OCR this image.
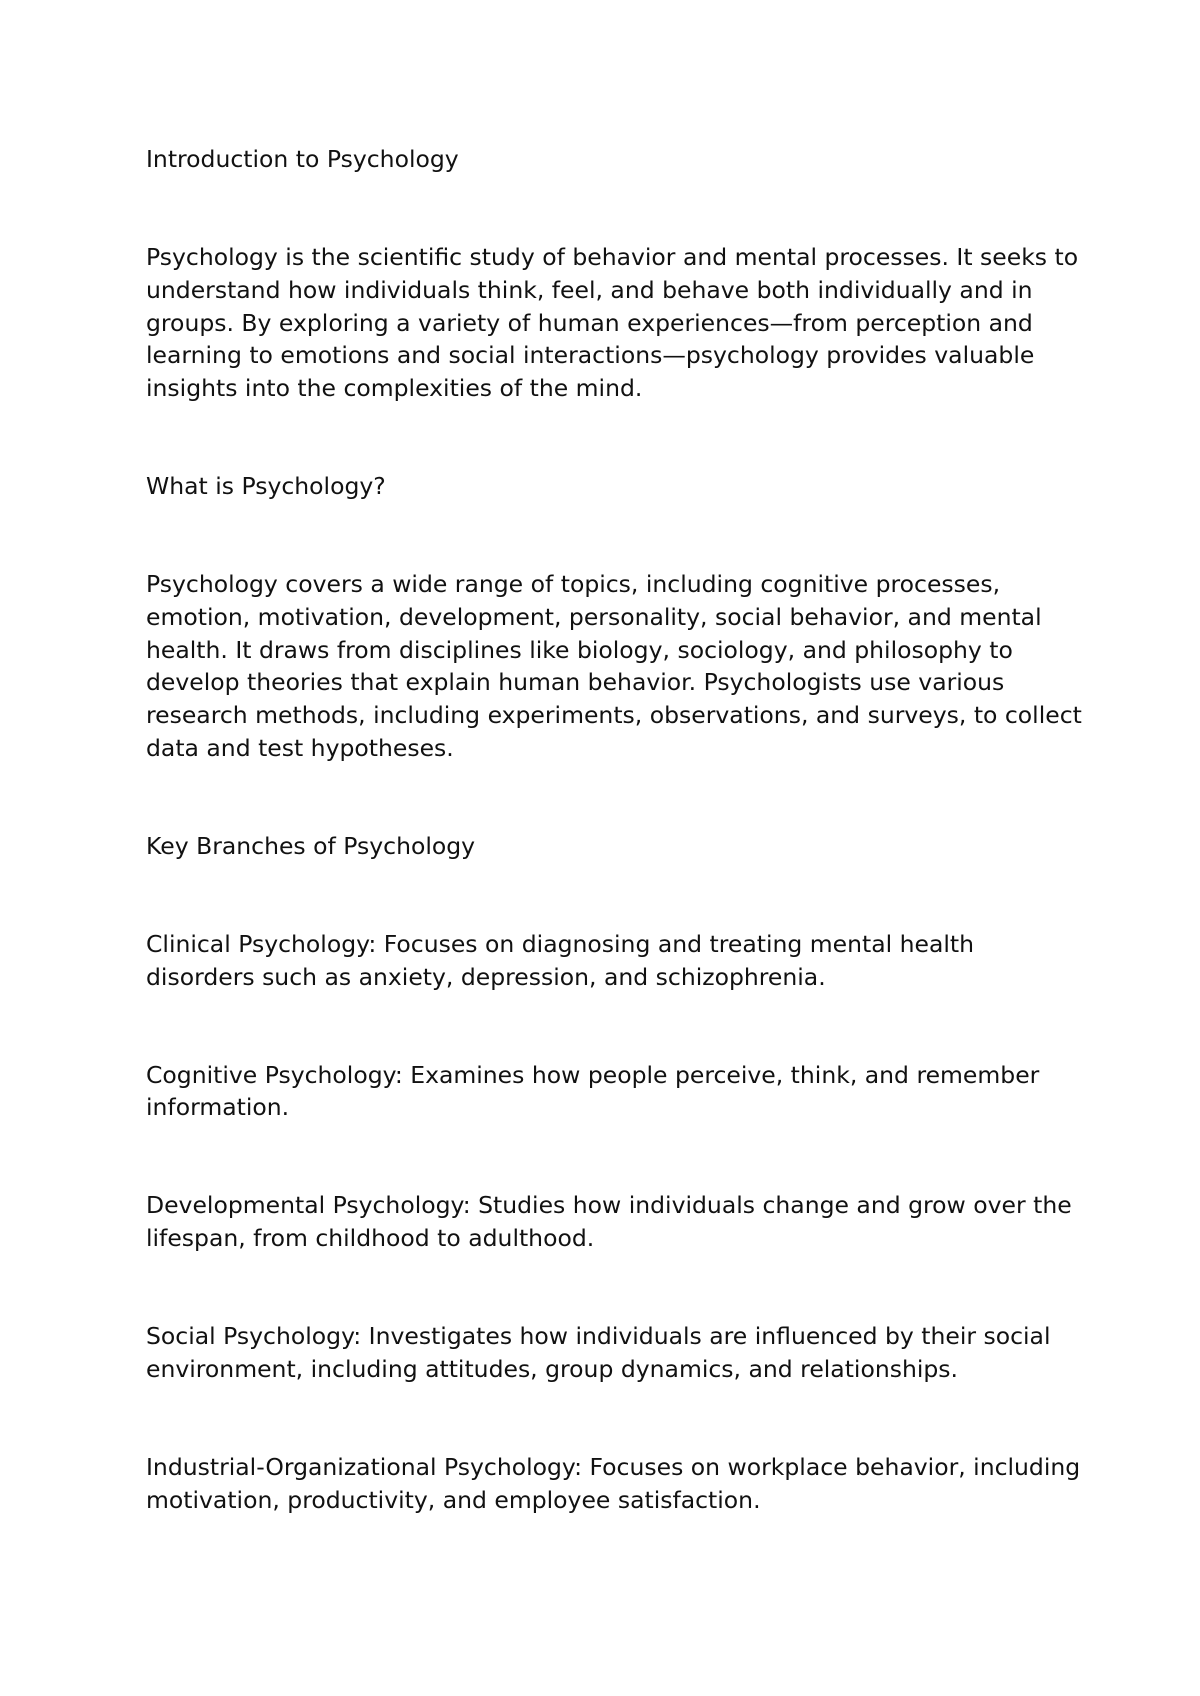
Introduction to Psychology

Psychology is the scientific study of behavior and mental processes. It seeks to understand how individuals think, feel, and behave both individually and in groups. By exploring a variety of human experiences—from perception and learning to emotions and social interactions—psychology provides valuable insights into the complexities of the mind.

What is Psychology?

Psychology covers a wide range of topics, including cognitive processes, emotion, motivation, development, personality, social behavior, and mental health. It draws from disciplines like biology, sociology, and philosophy to develop theories that explain human behavior. Psychologists use various research methods, including experiments, observations, and surveys, to collect data and test hypotheses.

Key Branches of Psychology

Clinical Psychology: Focuses on diagnosing and treating mental health disorders such as anxiety, depression, and schizophrenia.

Cognitive Psychology: Examines how people perceive, think, and remember information.

Developmental Psychology: Studies how individuals change and grow over the lifespan, from childhood to adulthood.

Social Psychology: Investigates how individuals are influenced by their social environment, including attitudes, group dynamics, and relationships.

Industrial-Organizational Psychology: Focuses on workplace behavior, including motivation, productivity, and employee satisfaction.
